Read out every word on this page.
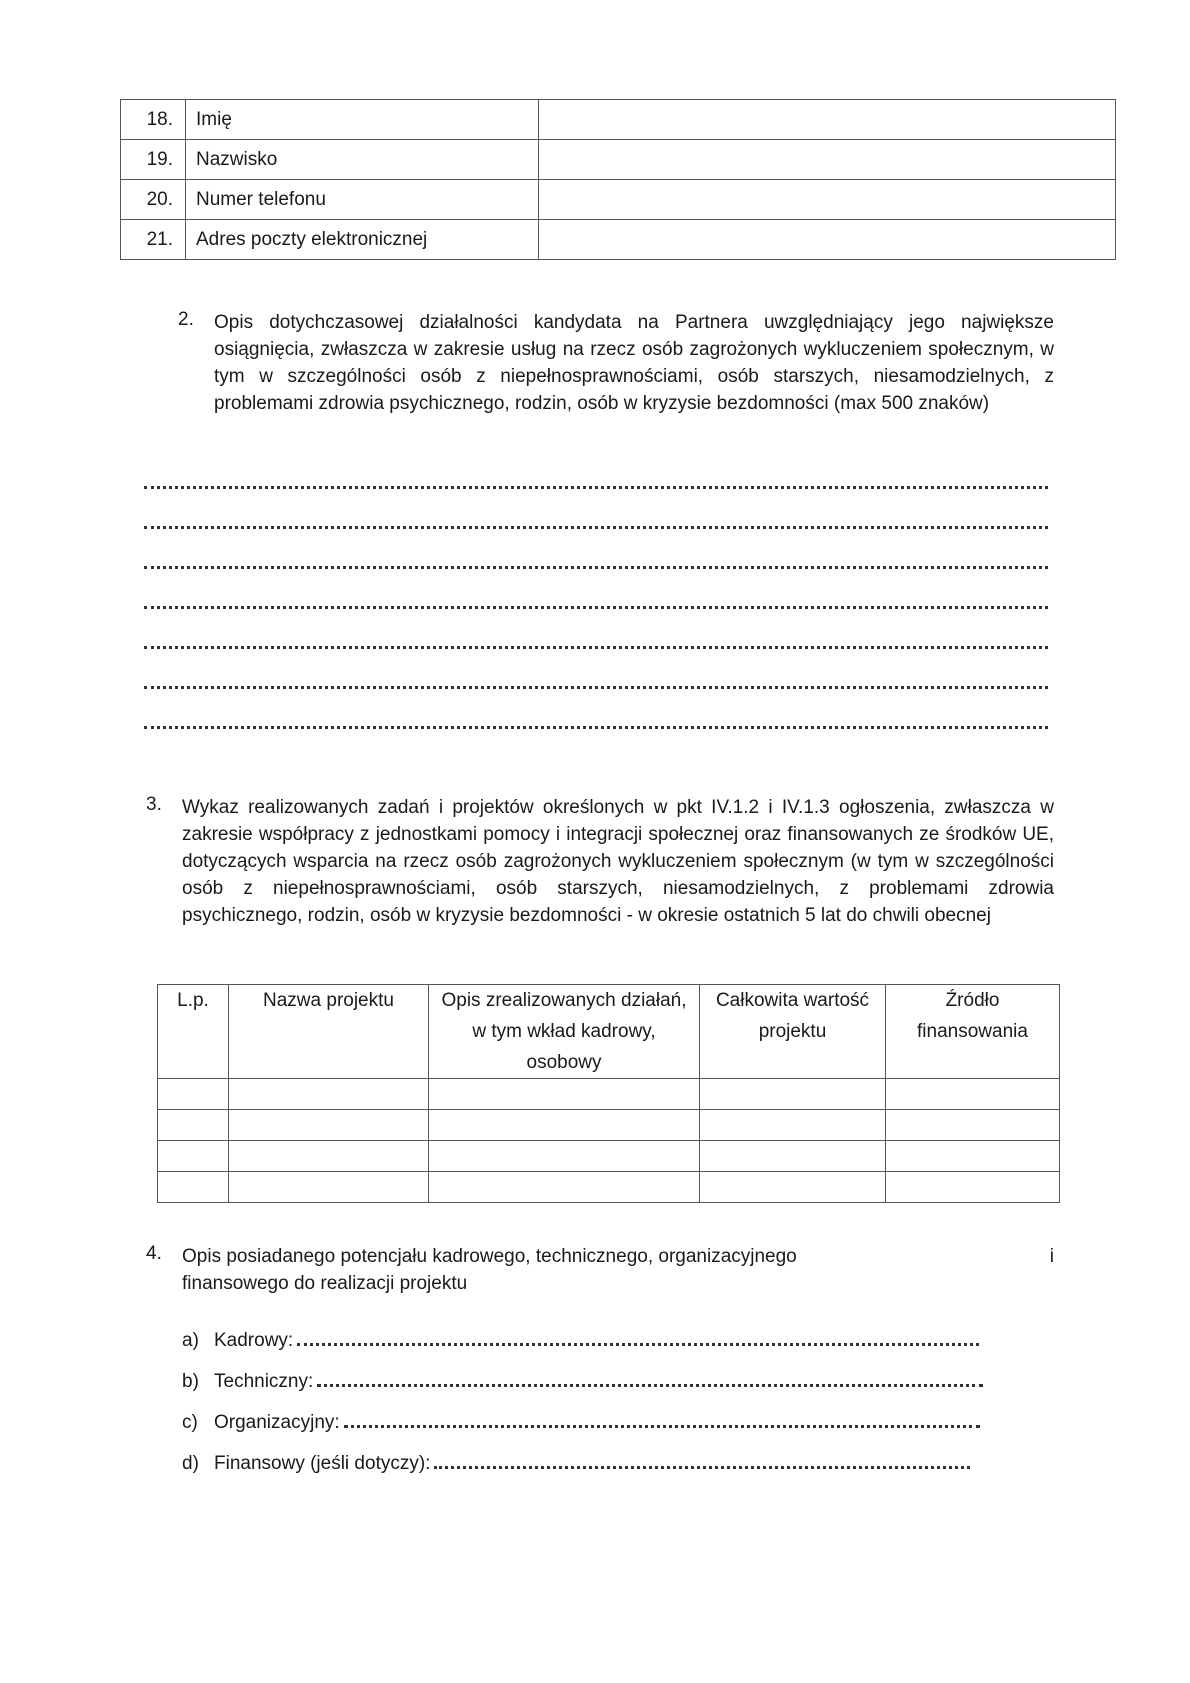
18.	Imię	
19.	Nazwisko	
20.	Numer telefonu	
21.	Adres poczty elektronicznej	
2. Opis dotychczasowej działalności kandydata na Partnera uwzględniający jego największe osiągnięcia, zwłaszcza w zakresie usług na rzecz osób zagrożonych wykluczeniem społecznym, w tym w szczególności osób z niepełnosprawnościami, osób starszych, niesamodzielnych, z problemami zdrowia psychicznego, rodzin, osób w kryzysie bezdomności (max 500 znaków)
3. Wykaz realizowanych zadań i projektów określonych w pkt IV.1.2 i IV.1.3 ogłoszenia, zwłaszcza w zakresie współpracy z jednostkami pomocy i integracji społecznej oraz finansowanych ze środków UE, dotyczących wsparcia na rzecz osób zagrożonych wykluczeniem społecznym (w tym w szczególności osób z niepełnosprawnościami, osób starszych, niesamodzielnych, z problemami zdrowia psychicznego, rodzin, osób w kryzysie bezdomności - w okresie ostatnich 5 lat do chwili obecnej
L.p.	Nazwa projektu	Opis zrealizowanych działań, w tym wkład kadrowy, osobowy	Całkowita wartość projektu	Źródło finansowania

4. Opis posiadanego potencjału kadrowego, technicznego, organizacyjnego	i
finansowego do realizacji projektu
a) Kadrowy:
b) Techniczny:
c) Organizacyjny:
d) Finansowy (jeśli dotyczy):
